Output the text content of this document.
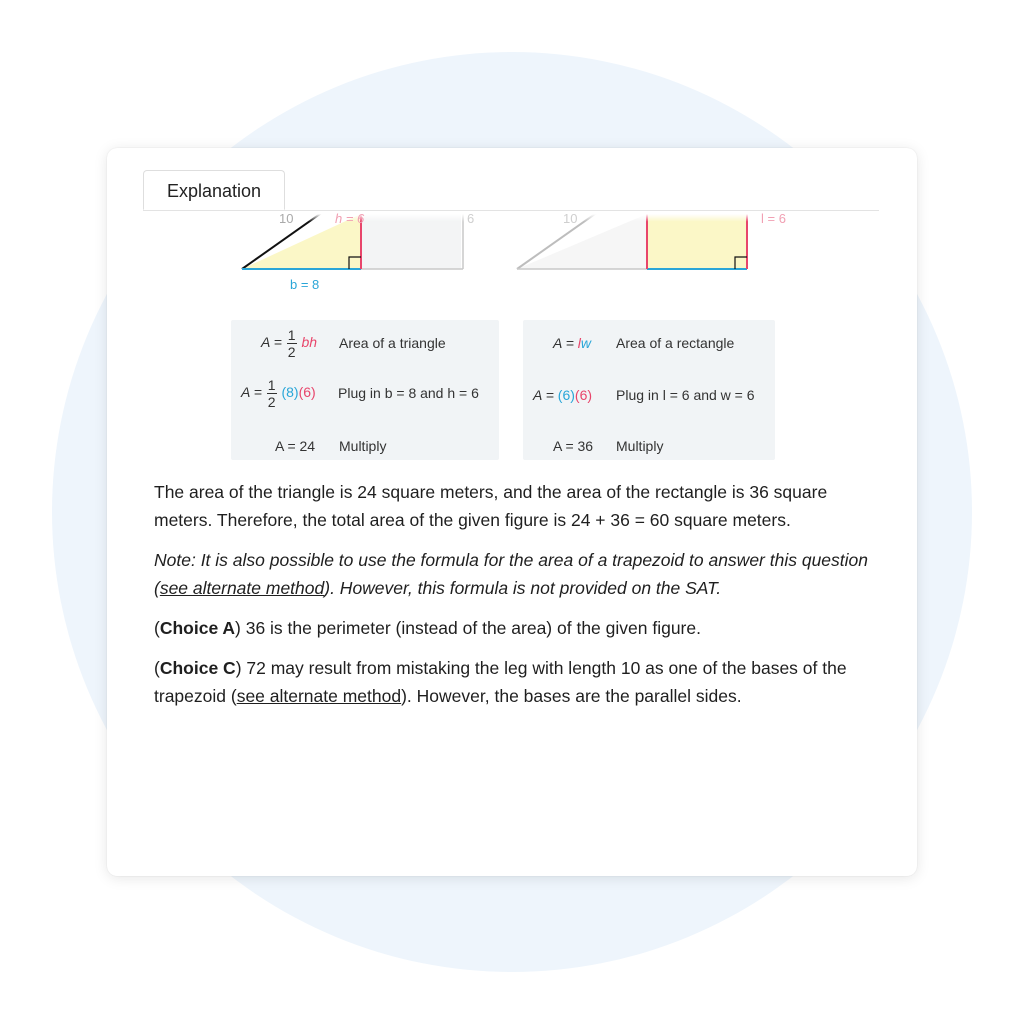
Explanation
10	h = 6	6
b = 8
10	l = 6
$A = \frac{1}{2}$ bh Area of a triangle
$A = \frac{1}{2} (8)(6)$ Plug in b = 8 and h = 6
A = 24 Multiply
A = lw Area of a rectangle
A = (6)(6) Plug in l = 6 and w = 6
A = 36 Multiply

The area of the triangle is 24 square meters, and the area of the rectangle is 36 square meters. Therefore, the total area of the given figure is 24 + 36 = 60 square meters.

Note: It is also possible to use the formula for the area of a trapezoid to answer this question (see alternate method). However, this formula is not provided on the SAT.

(Choice A) 36 is the perimeter (instead of the area) of the given figure.

(Choice C) 72 may result from mistaking the leg with length 10 as one of the bases of the trapezoid (see alternate method). However, the bases are the parallel sides.
